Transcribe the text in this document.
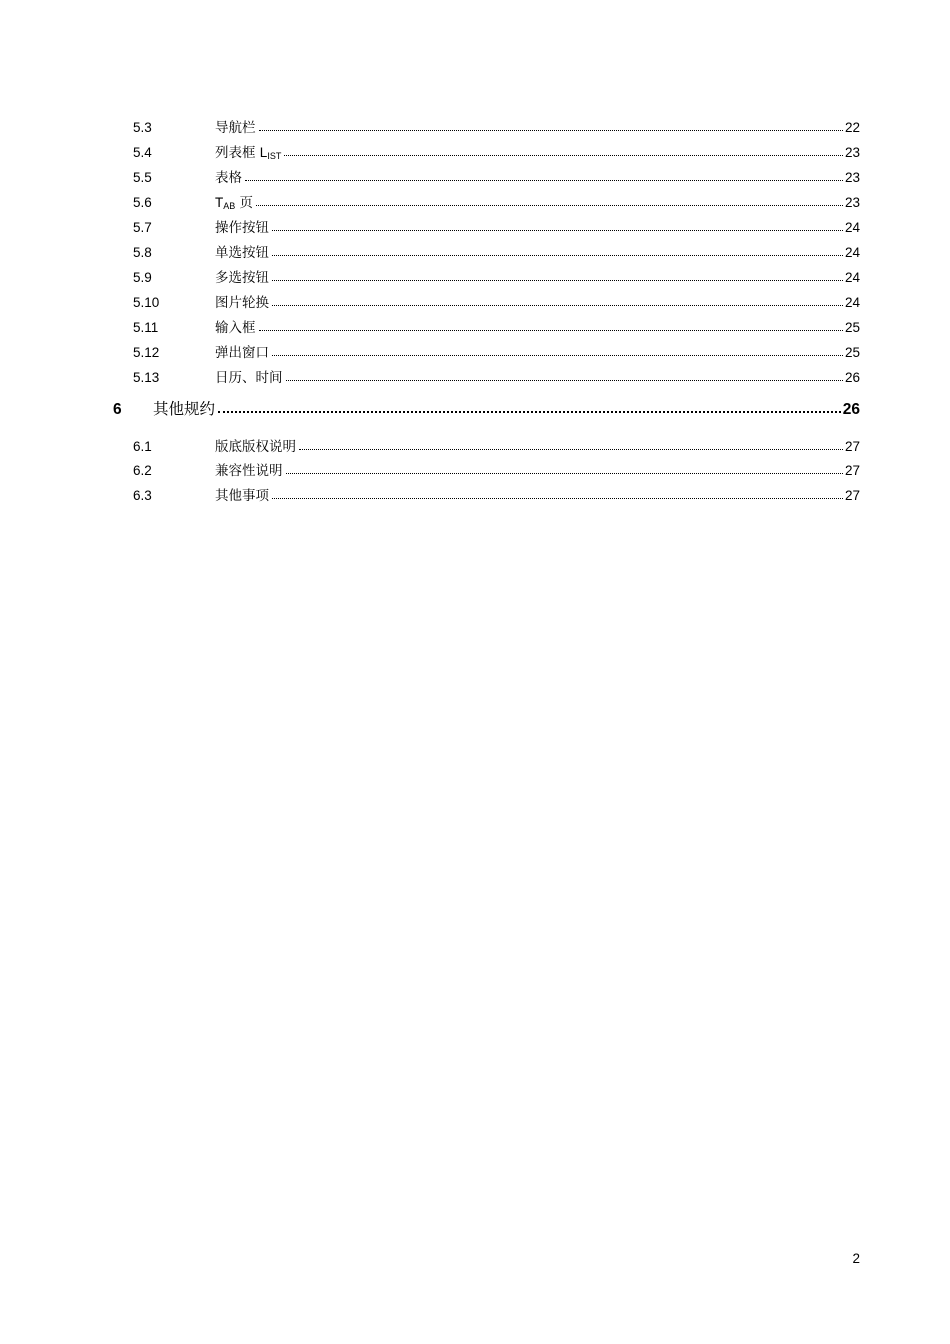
5.3	导航栏	22
5.4	列表框 $L_{IST}$	23
5.5	表格	23
5.6	$T_{AB}$ 页	23
5.7	操作按钮	24
5.8	单选按钮	24
5.9	多选按钮	24
5.10	图片轮换	24
5.11	输入框	25
5.12	弹出窗口	25
5.13	日历、时间	26
6	其他规约	26
6.1	版底版权说明	27
6.2	兼容性说明	27
6.3	其他事项	27
2
